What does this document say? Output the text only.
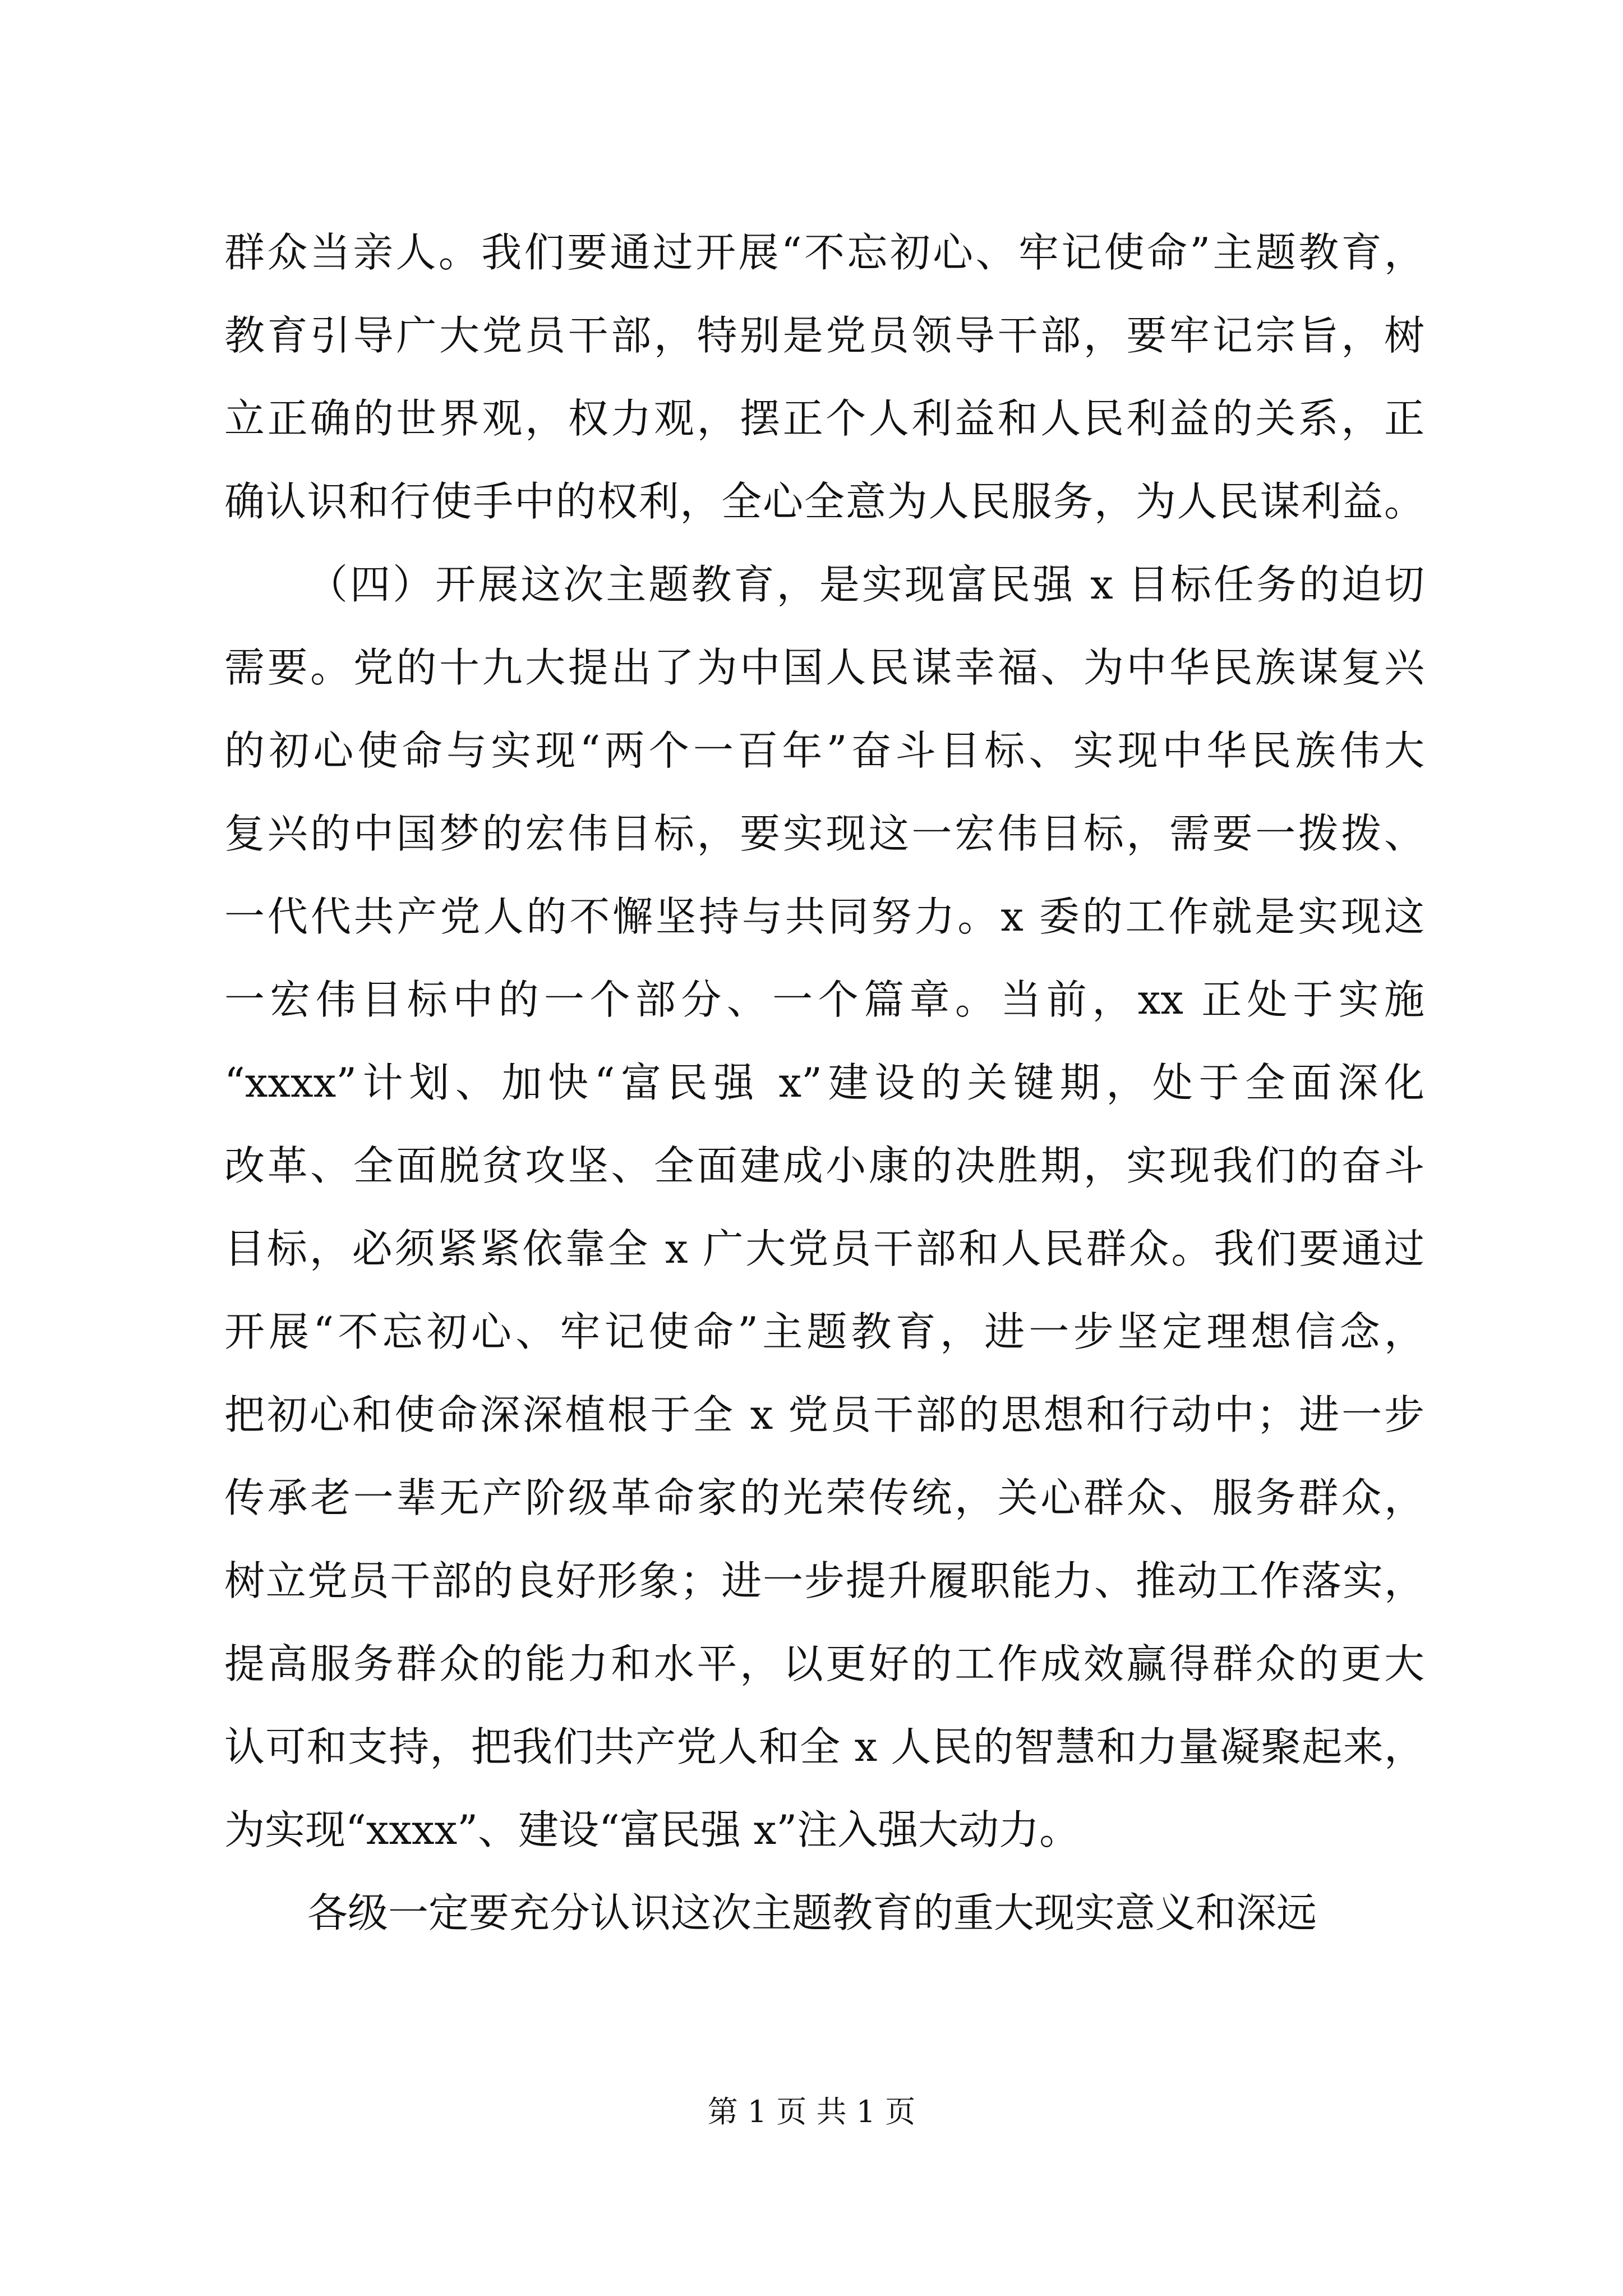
群众当亲人。我们要通过开展“不忘初心、牢记使命”主题教育，
教育引导广大党员干部，特别是党员领导干部，要牢记宗旨，树
立正确的世界观，权力观，摆正个人利益和人民利益的关系，正
确认识和行使手中的权利，全心全意为人民服务，为人民谋利益。
（四）开展这次主题教育，是实现富民强 x 目标任务的迫切
需要。党的十九大提出了为中国人民谋幸福、为中华民族谋复兴
的初心使命与实现“两个一百年”奋斗目标、实现中华民族伟大
复兴的中国梦的宏伟目标，要实现这一宏伟目标，需要一拨拨、
一代代共产党人的不懈坚持与共同努力。x 委的工作就是实现这
一宏伟目标中的一个部分、一个篇章。当前，xx 正处于实施
“xxxx”计划、加快“富民强 x”建设的关键期，处于全面深化
改革、全面脱贫攻坚、全面建成小康的决胜期，实现我们的奋斗
目标，必须紧紧依靠全 x 广大党员干部和人民群众。我们要通过
开展“不忘初心、牢记使命”主题教育，进一步坚定理想信念，
把初心和使命深深植根于全 x 党员干部的思想和行动中；进一步
传承老一辈无产阶级革命家的光荣传统，关心群众、服务群众，
树立党员干部的良好形象；进一步提升履职能力、推动工作落实，
提高服务群众的能力和水平，以更好的工作成效赢得群众的更大
认可和支持，把我们共产党人和全 x 人民的智慧和力量凝聚起来，
为实现“xxxx”、建设“富民强 x”注入强大动力。
各级一定要充分认识这次主题教育的重大现实意义和深远
第 1 页 共 1 页
